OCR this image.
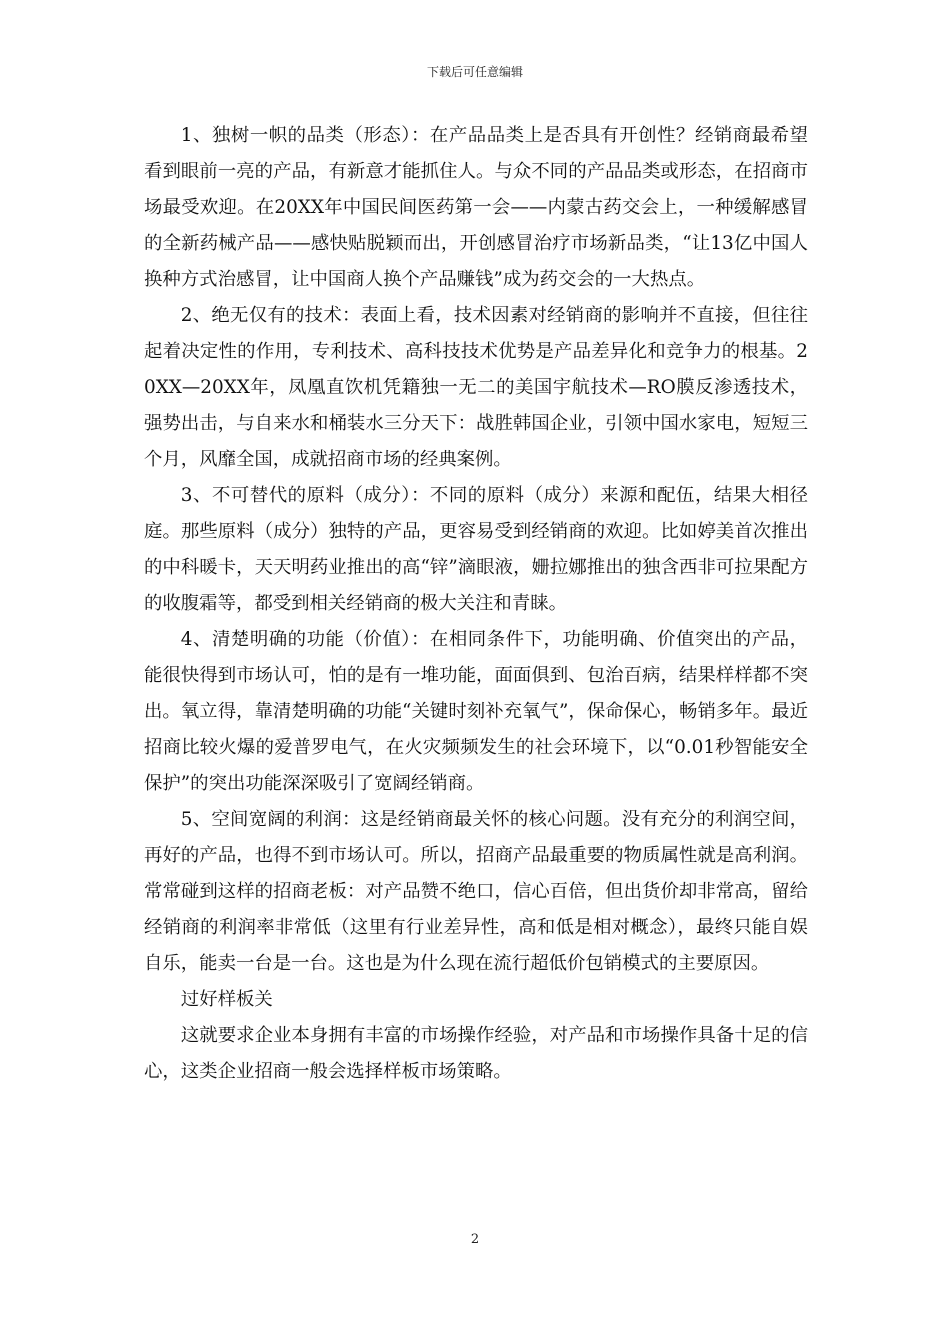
下载后可任意编辑

1、独树一帜的品类（形态）：在产品品类上是否具有开创性？经销商最希望看到眼前一亮的产品，有新意才能抓住人。与众不同的产品品类或形态，在招商市场最受欢迎。在20XX年中国民间医药第一会——内蒙古药交会上，一种缓解感冒的全新药械产品——感快贴脱颖而出，开创感冒治疗市场新品类，“让13亿中国人换种方式治感冒，让中国商人换个产品赚钱”成为药交会的一大热点。

2、绝无仅有的技术：表面上看，技术因素对经销商的影响并不直接，但往往起着决定性的作用，专利技术、高科技技术优势是产品差异化和竞争力的根基。20XX—20XX年，凤凰直饮机凭籍独一无二的美国宇航技术—RO膜反渗透技术，强势出击，与自来水和桶装水三分天下：战胜韩国企业，引领中国水家电，短短三个月，风靡全国，成就招商市场的经典案例。

3、不可替代的原料（成分）：不同的原料（成分）来源和配伍，结果大相径庭。那些原料（成分）独特的产品，更容易受到经销商的欢迎。比如婷美首次推出的中科暖卡，天天明药业推出的高“锌”滴眼液，姗拉娜推出的独含西非可拉果配方的收腹霜等，都受到相关经销商的极大关注和青睐。

4、清楚明确的功能（价值）：在相同条件下，功能明确、价值突出的产品，能很快得到市场认可，怕的是有一堆功能，面面俱到、包治百病，结果样样都不突出。氧立得，靠清楚明确的功能“关键时刻补充氧气”，保命保心，畅销多年。最近招商比较火爆的爱普罗电气，在火灾频频发生的社会环境下，以“0.01秒智能安全保护”的突出功能深深吸引了宽阔经销商。

5、空间宽阔的利润：这是经销商最关怀的核心问题。没有充分的利润空间，再好的产品，也得不到市场认可。所以，招商产品最重要的物质属性就是高利润。常常碰到这样的招商老板：对产品赞不绝口，信心百倍，但出货价却非常高，留给经销商的利润率非常低（这里有行业差异性，高和低是相对概念），最终只能自娱自乐，能卖一台是一台。这也是为什么现在流行超低价包销模式的主要原因。

过好样板关

这就要求企业本身拥有丰富的市场操作经验，对产品和市场操作具备十足的信心，这类企业招商一般会选择样板市场策略。

2
